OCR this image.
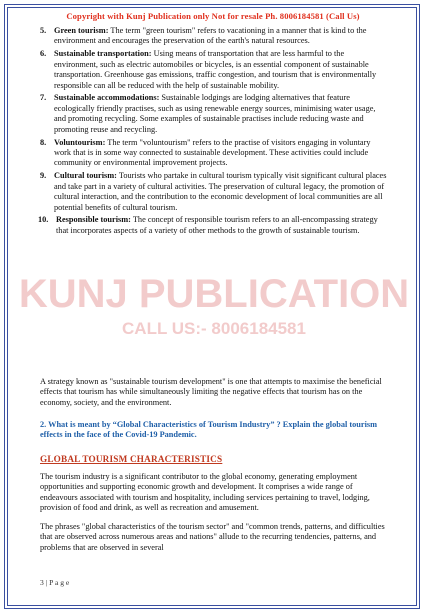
Copyright with Kunj Publication only Not for resale Ph. 8006184581 (Call Us)
KUNJ PUBLICATION
CALL US:- 8006184581
5. Green tourism: The term "green tourism" refers to vacationing in a manner that is kind to the environment and encourages the preservation of the earth's natural resources.
6. Sustainable transportation: Using means of transportation that are less harmful to the environment, such as electric automobiles or bicycles, is an essential component of sustainable transportation. Greenhouse gas emissions, traffic congestion, and tourism that is environmentally responsible can all be reduced with the help of sustainable mobility.
7. Sustainable accommodations: Sustainable lodgings are lodging alternatives that feature ecologically friendly practises, such as using renewable energy sources, minimising water usage, and promoting recycling. Some examples of sustainable practises include reducing waste and promoting reuse and recycling.
8. Voluntourism: The term "voluntourism" refers to the practise of visitors engaging in voluntary work that is in some way connected to sustainable development. These activities could include community or environmental improvement projects.
9. Cultural tourism: Tourists who partake in cultural tourism typically visit significant cultural places and take part in a variety of cultural activities. The preservation of cultural legacy, the promotion of cultural interaction, and the contribution to the economic development of local communities are all potential benefits of cultural tourism.
10. Responsible tourism: The concept of responsible tourism refers to an all-encompassing strategy that incorporates aspects of a variety of other methods to the growth of sustainable tourism.
A strategy known as "sustainable tourism development" is one that attempts to maximise the beneficial effects that tourism has while simultaneously limiting the negative effects that tourism has on the economy, society, and the environment.
2. What is meant by “Global Characteristics of Tourism Industry” ? Explain the global tourism effects in the face of the Covid-19 Pandemic.
GLOBAL TOURISM CHARACTERISTICS
The tourism industry is a significant contributor to the global economy, generating employment opportunities and supporting economic growth and development. It comprises a wide range of endeavours associated with tourism and hospitality, including services pertaining to travel, lodging, provision of food and drink, as well as recreation and amusement.
The phrases "global characteristics of the tourism sector" and "common trends, patterns, and difficulties that are observed across numerous areas and nations" allude to the recurring tendencies, patterns, and problems that are observed in several
3 | P a g e
